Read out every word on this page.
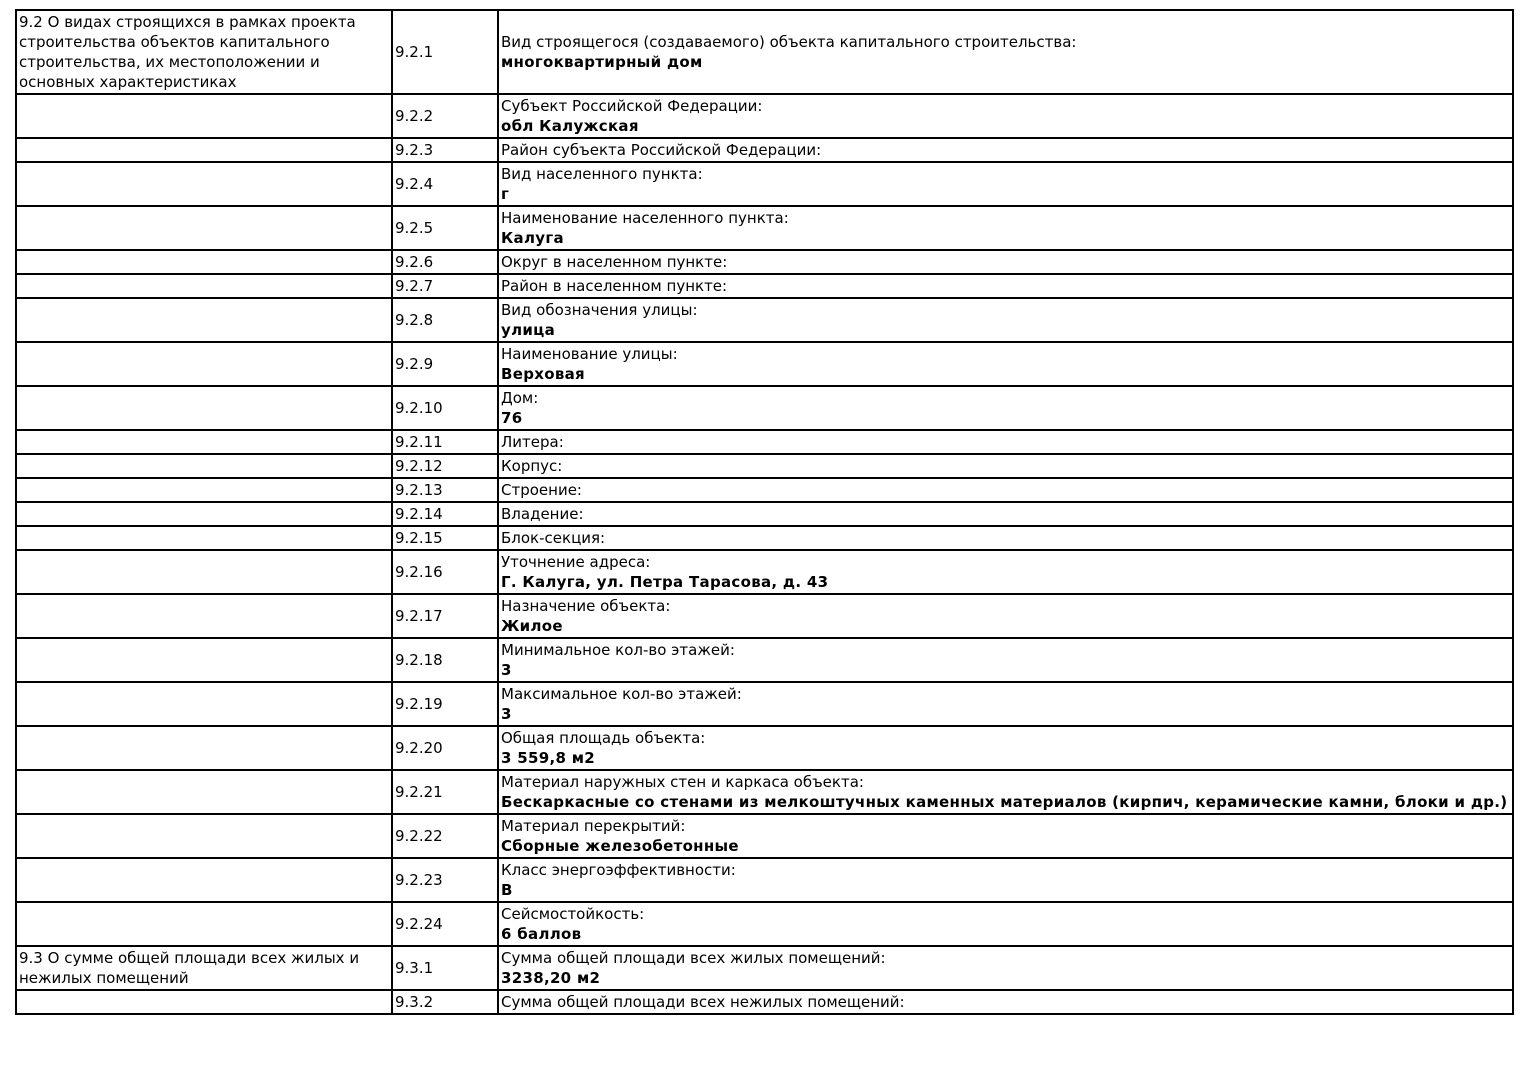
9.2 О видах строящихся в рамках проекта строительства объектов капитального строительства, их местоположении и основных характеристиках	9.2.1	Вид строящегося (создаваемого) объекта капитального строительства:
многоквартирный дом

	9.2.2	Субъект Российской Федерации:
обл Калужская

	9.2.3	Район субъекта Российской Федерации:

	9.2.4	Вид населенного пункта:
г

	9.2.5	Наименование населенного пункта:
Калуга

	9.2.6	Округ в населенном пункте:

	9.2.7	Район в населенном пункте:

	9.2.8	Вид обозначения улицы:
улица

	9.2.9	Наименование улицы:
Верховая

	9.2.10	Дом:
76

	9.2.11	Литера:

	9.2.12	Корпус:

	9.2.13	Строение:

	9.2.14	Владение:

	9.2.15	Блок-секция:

	9.2.16	Уточнение адреса:
Г. Калуга, ул. Петра Тарасова, д. 43

	9.2.17	Назначение объекта:
Жилое

	9.2.18	Минимальное кол-во этажей:
3

	9.2.19	Максимальное кол-во этажей:
3

	9.2.20	Общая площадь объекта:
3 559,8 м2

	9.2.21	Материал наружных стен и каркаса объекта:
Бескаркасные со стенами из мелкоштучных каменных материалов (кирпич, керамические камни, блоки и др.)

	9.2.22	Материал перекрытий:
Сборные железобетонные

	9.2.23	Класс энергоэффективности:
В

	9.2.24	Сейсмостойкость:
6 баллов

9.3 О сумме общей площади всех жилых и нежилых помещений	9.3.1	Сумма общей площади всех жилых помещений:
3238,20 м2

	9.3.2	Сумма общей площади всех нежилых помещений:
